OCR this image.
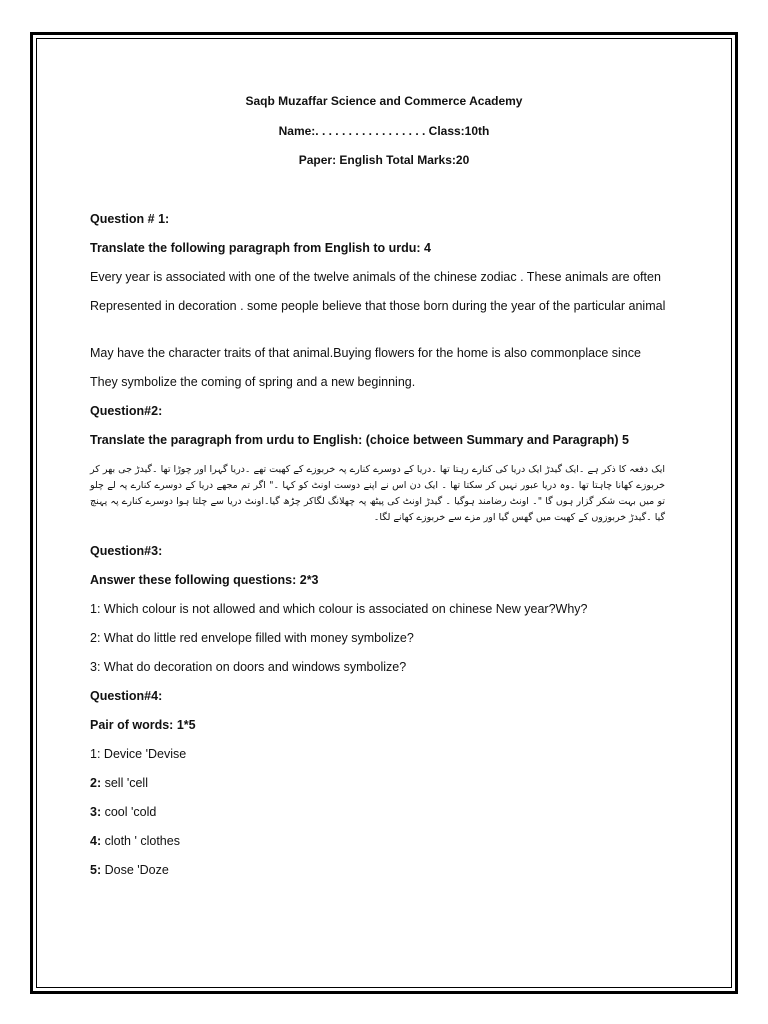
Saqb Muzaffar Science and Commerce Academy
Name:. . . . . . . . . . . . . . . . . Class:10th
Paper: English Total Marks:20
Question # 1:
Translate the following paragraph from English to urdu: 4
Every year is associated with one of the twelve animals of the chinese zodiac . These animals are often
Represented in decoration . some people believe that those born during the year of the particular animal
May have the character traits of that animal.Buying flowers for the home is also commonplace since
They symbolize the coming of spring and a new beginning.
Question#2:
Translate the paragraph from urdu to English: (choice between Summary and Paragraph) 5
ایک دفعہ کا ذکر ہے ۔ایک گیدڑ ایک دریا کی کنارے رہتا تھا ۔دریا کے دوسرے کنارے پہ خربوزے کے کھیت تھے ۔دریا گہرا اور چوڑا تھا ۔گیدڑ جی بھر کر خربوزے کھانا چاہتا تھا ۔وہ دریا عبور نہیں کر سکتا تھا ۔ ایک دن اس نے اپنے دوست اونٹ کو کہا ۔" اگر تم مجھے دریا کے دوسرے کنارے پہ لے چلو تو میں بہت شکر گزار ہوں گا "۔ اونٹ رضامند ہوگیا ۔ گیدڑ اونٹ کی پیٹھ پہ چھلانگ لگاکر چڑھ گیا۔اونٹ دریا سے چلتا ہوا دوسرے کنارے پہ پہنچ گیا ۔گیدڑ خربوزوں کے کھیت میں گھس گیا اور مزے سے خربوزے کھانے لگا۔
Question#3:
Answer these following questions: 2*3
1: Which colour is not allowed and which colour is associated on chinese New year?Why?
2: What do little red envelope filled with money symbolize?
3: What do decoration on doors and windows symbolize?
Question#4:
Pair of words: 1*5
1: Device 'Devise
2: sell 'cell
3: cool 'cold
4: cloth ' clothes
5: Dose 'Doze
